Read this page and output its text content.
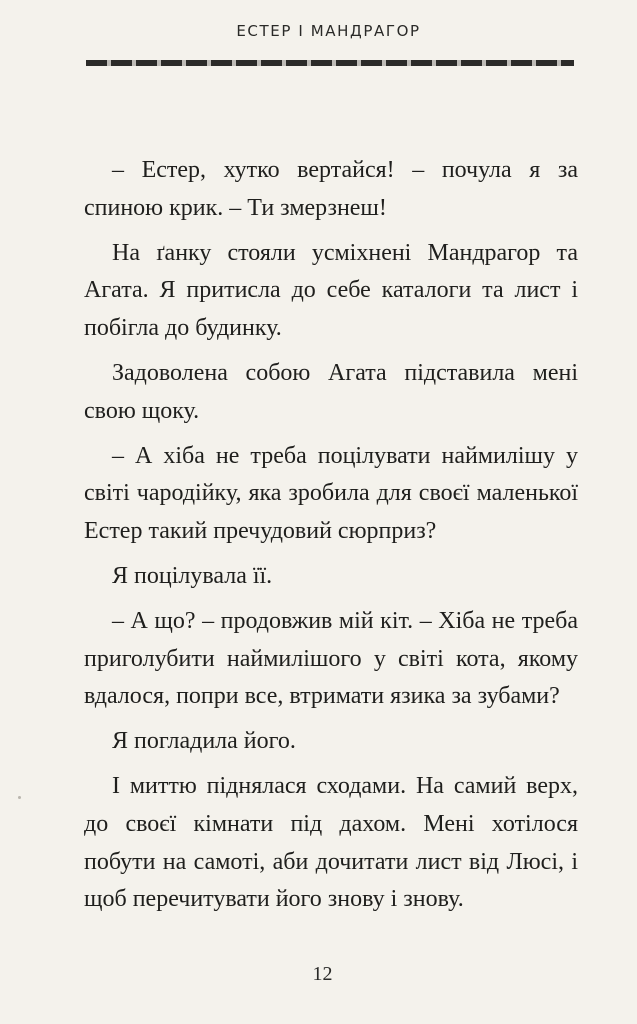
ЕСТЕР І МАНДРАГОР

– Естер, хутко вертайся! – почула я за спиною крик. – Ти змерзнеш!

На ґанку стояли усміхнені Мандрагор та Агата. Я притисла до себе каталоги та лист і побігла до будинку.

Задоволена собою Агата підставила мені свою щоку.

– А хіба не треба поцілувати наймилішу у світі чародійку, яка зробила для своєї маленької Естер такий пречудовий сюрприз?

Я поцілувала її.

– А що? – продовжив мій кіт. – Хіба не треба приголубити наймилішого у світі кота, якому вдалося, попри все, втримати язика за зубами?

Я погладила його.

І миттю піднялася сходами. На самий верх, до своєї кімнати під дахом. Мені хотілося побути на самоті, аби дочитати лист від Люсі, і щоб перечитувати його знову і знову.

12
